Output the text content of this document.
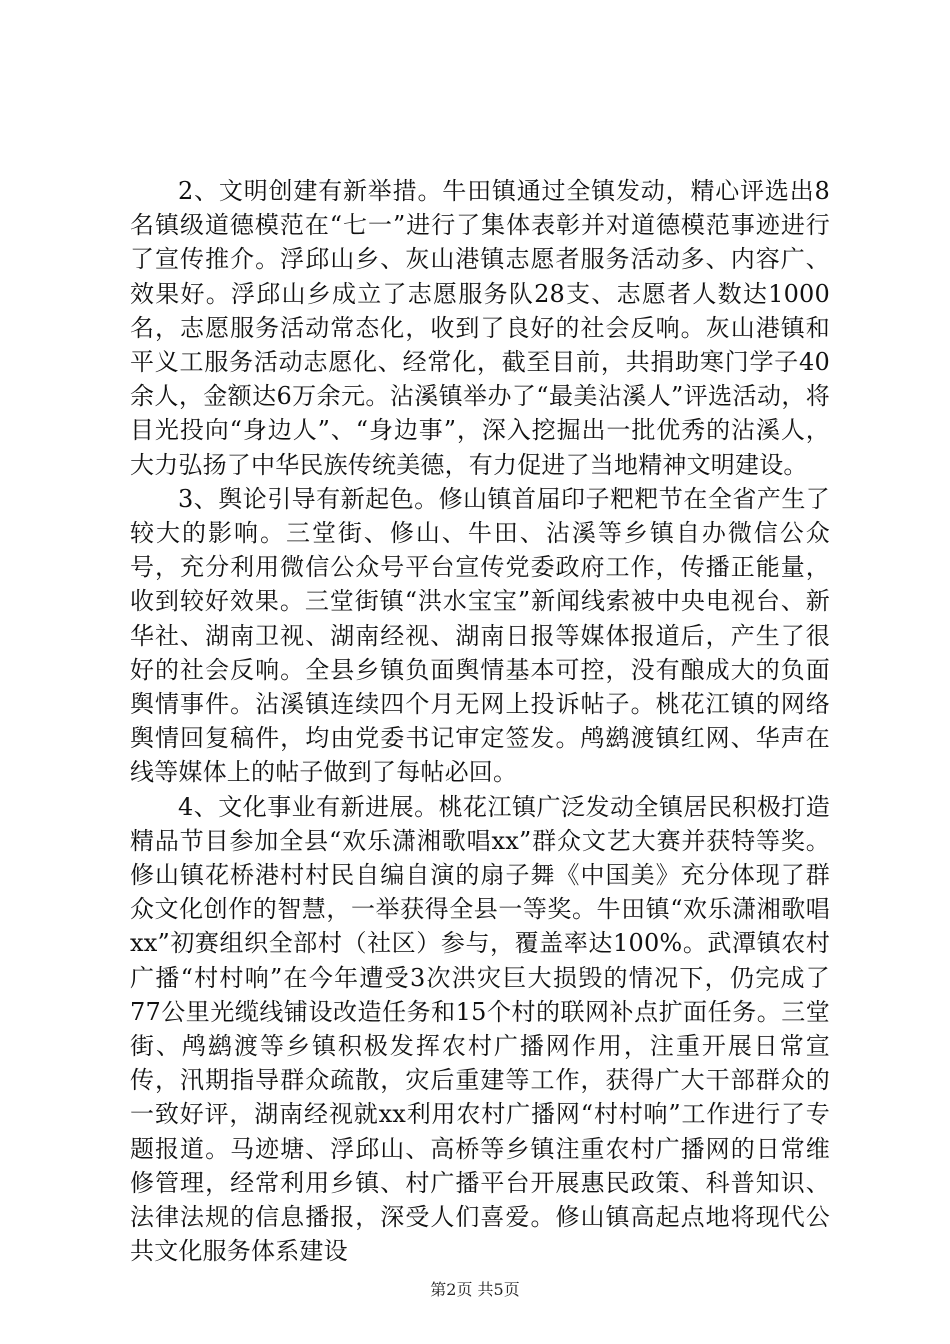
2、文明创建有新举措。牛田镇通过全镇发动，精心评选出8名镇级道德模范在“七一”进行了集体表彰并对道德模范事迹进行了宣传推介。浮邱山乡、灰山港镇志愿者服务活动多、内容广、效果好。浮邱山乡成立了志愿服务队28支、志愿者人数达1000名，志愿服务活动常态化，收到了良好的社会反响。灰山港镇和平义工服务活动志愿化、经常化，截至目前，共捐助寒门学子40余人，金额达6万余元。沾溪镇举办了“最美沾溪人”评选活动，将目光投向“身边人”、“身边事”，深入挖掘出一批优秀的沾溪人，大力弘扬了中华民族传统美德，有力促进了当地精神文明建设。

3、舆论引导有新起色。修山镇首届印子粑粑节在全省产生了较大的影响。三堂街、修山、牛田、沾溪等乡镇自办微信公众号，充分利用微信公众号平台宣传党委政府工作，传播正能量，收到较好效果。三堂街镇“洪水宝宝”新闻线索被中央电视台、新华社、湖南卫视、湖南经视、湖南日报等媒体报道后，产生了很好的社会反响。全县乡镇负面舆情基本可控，没有酿成大的负面舆情事件。沾溪镇连续四个月无网上投诉帖子。桃花江镇的网络舆情回复稿件，均由党委书记审定签发。鸬鹚渡镇红网、华声在线等媒体上的帖子做到了每帖必回。

4、文化事业有新进展。桃花江镇广泛发动全镇居民积极打造精品节目参加全县“欢乐潇湘歌唱xx”群众文艺大赛并获特等奖。修山镇花桥港村村民自编自演的扇子舞《中国美》充分体现了群众文化创作的智慧，一举获得全县一等奖。牛田镇“欢乐潇湘歌唱xx”初赛组织全部村（社区）参与，覆盖率达100%。武潭镇农村广播“村村响”在今年遭受3次洪灾巨大损毁的情况下，仍完成了77公里光缆线铺设改造任务和15个村的联网补点扩面任务。三堂街、鸬鹚渡等乡镇积极发挥农村广播网作用，注重开展日常宣传，汛期指导群众疏散，灾后重建等工作，获得广大干部群众的一致好评，湖南经视就xx利用农村广播网“村村响”工作进行了专题报道。马迹塘、浮邱山、高桥等乡镇注重农村广播网的日常维修管理，经常利用乡镇、村广播平台开展惠民政策、科普知识、法律法规的信息播报，深受人们喜爱。修山镇高起点地将现代公共文化服务体系建设

第2页 共5页
